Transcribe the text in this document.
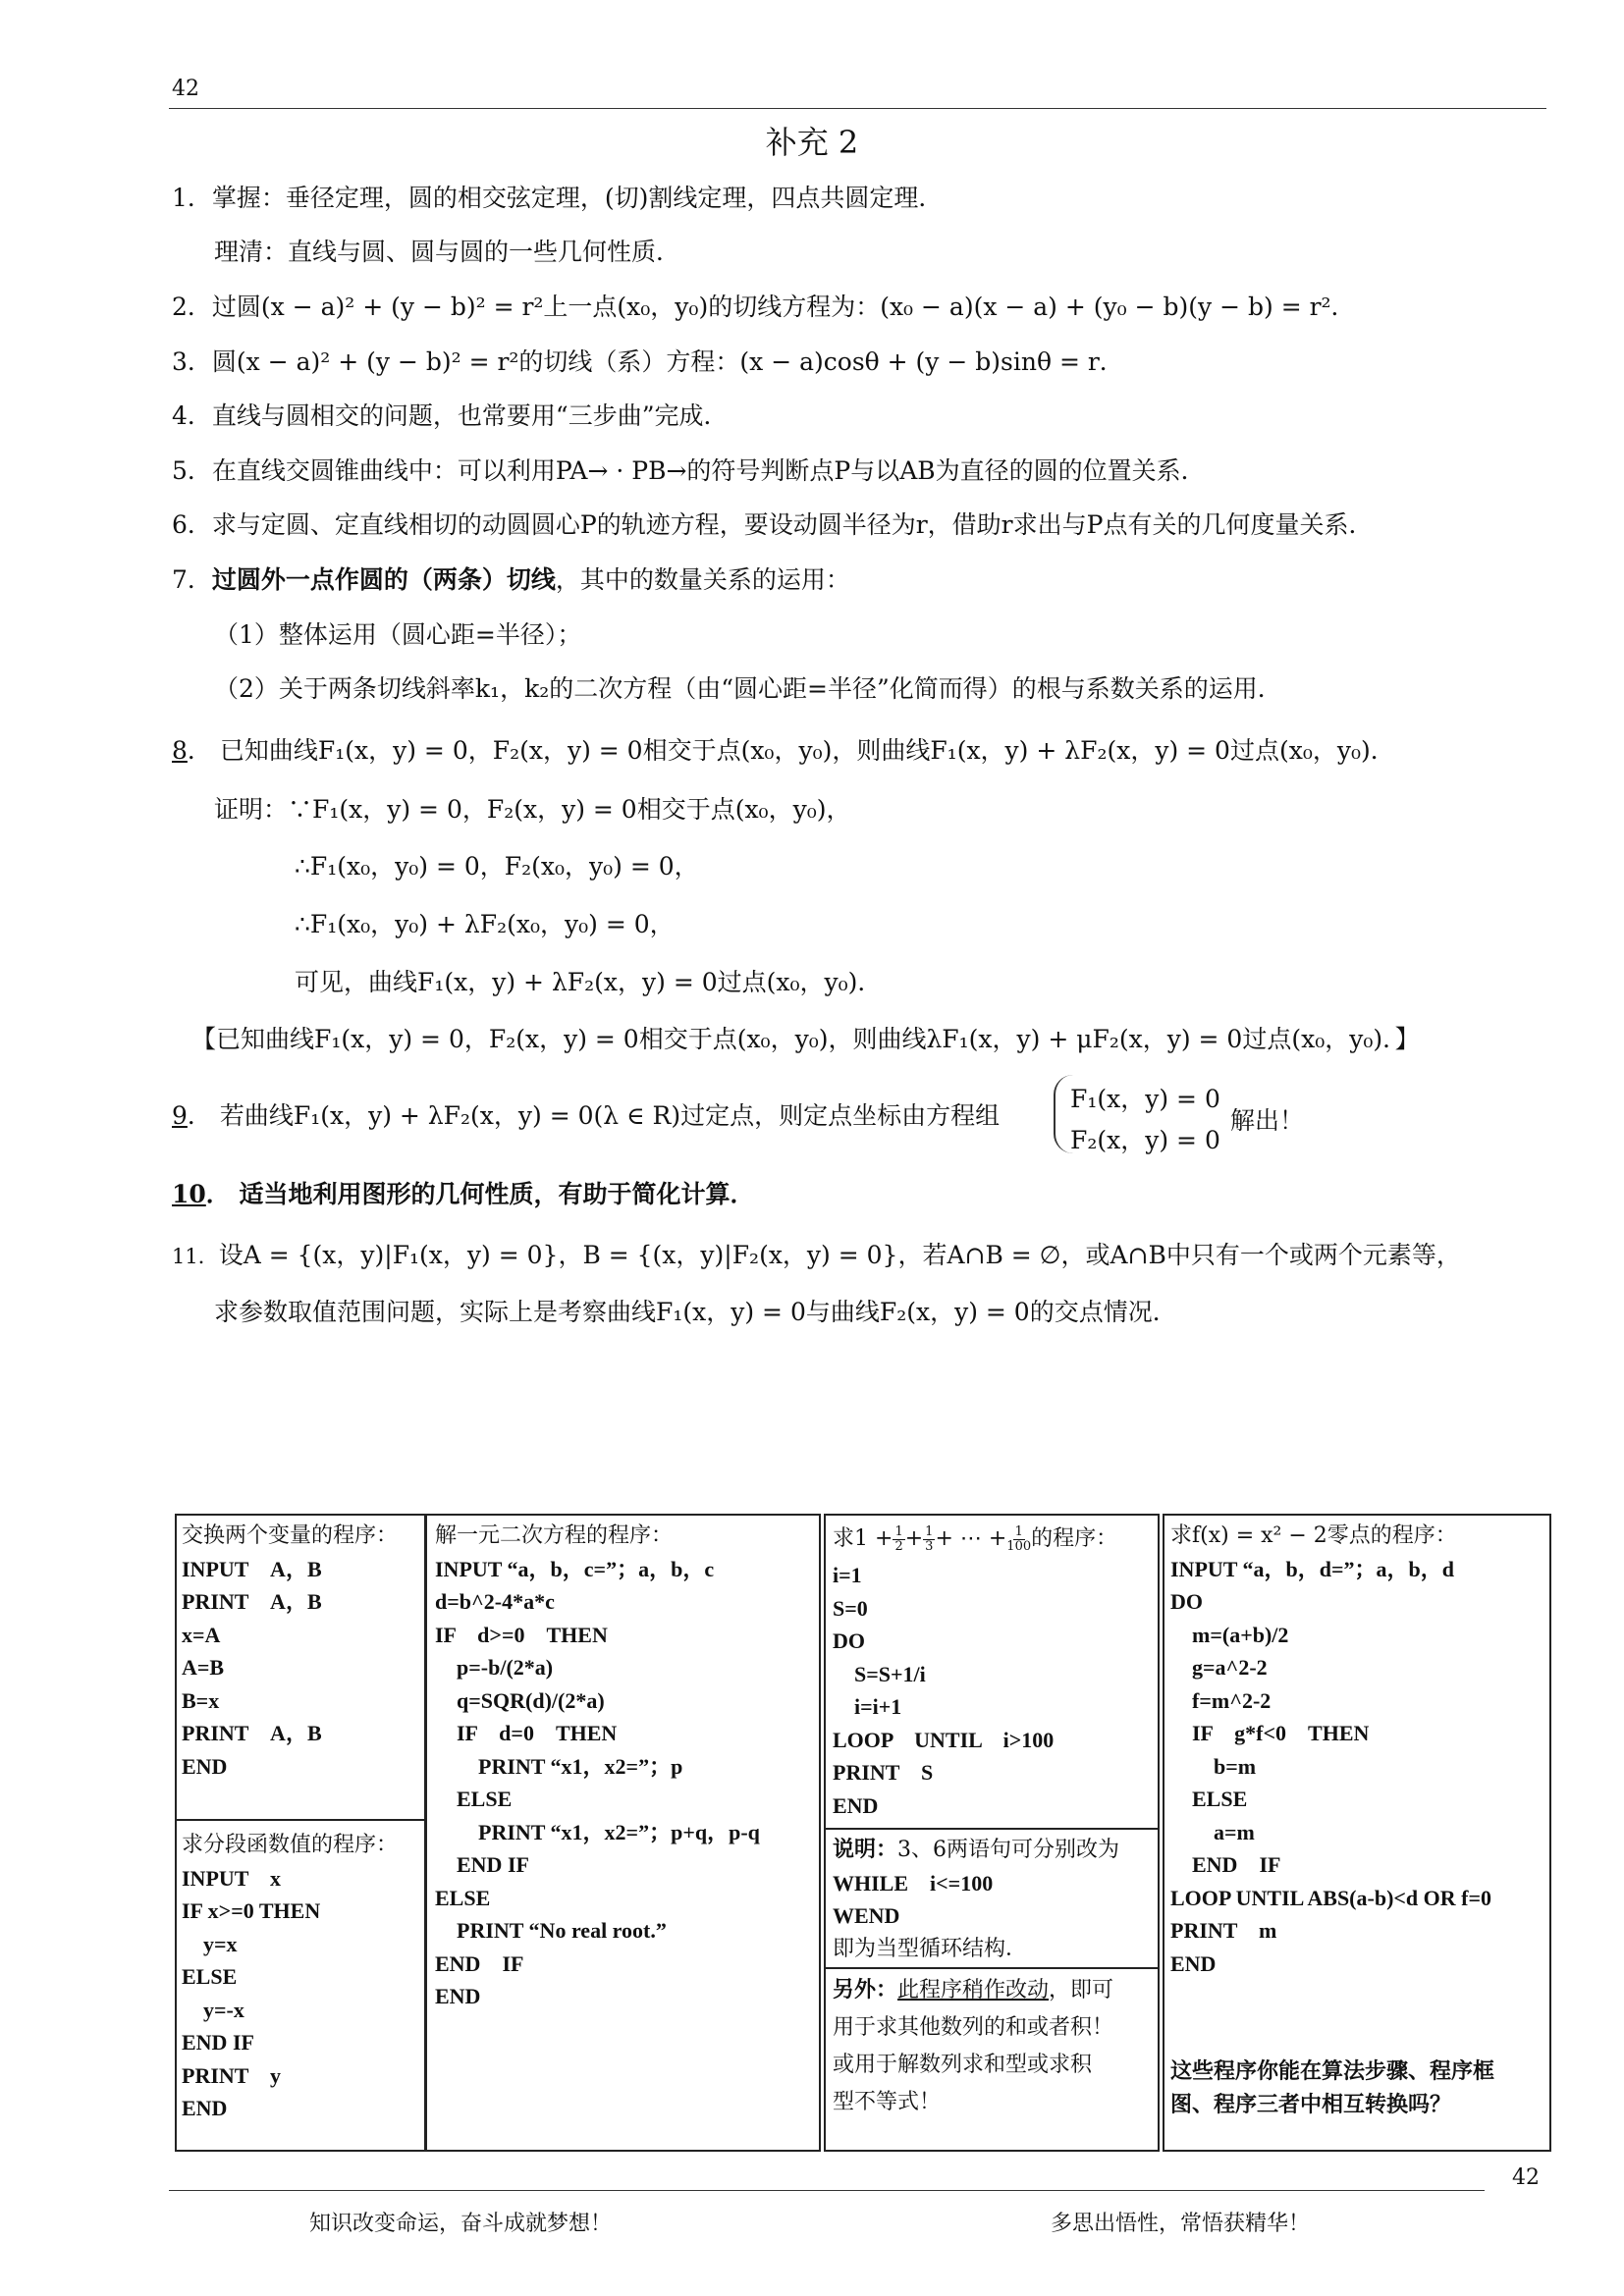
42
补充 2
1．掌握：垂径定理，圆的相交弦定理，(切)割线定理，四点共圆定理．
理清：直线与圆、圆与圆的一些几何性质．
2．过圆(x − a)² + (y − b)² = r²上一点(x₀，y₀)的切线方程为：(x₀ − a)(x − a) + (y₀ − b)(y − b) = r²．
3．圆(x − a)² + (y − b)² = r²的切线（系）方程：(x − a)cosθ + (y − b)sinθ = r．
4．直线与圆相交的问题，也常要用“三步曲”完成．
5．在直线交圆锥曲线中：可以利用PA→ · PB→的符号判断点P与以AB为直径的圆的位置关系．
6．求与定圆、定直线相切的动圆圆心P的轨迹方程，要设动圆半径为r，借助r求出与P点有关的几何度量关系．
7．过圆外一点作圆的（两条）切线，其中的数量关系的运用：
（1）整体运用（圆心距=半径）；
（2）关于两条切线斜率k₁，k₂的二次方程（由“圆心距=半径”化简而得）的根与系数关系的运用．
8． 已知曲线F₁(x，y) = 0，F₂(x，y) = 0相交于点(x₀，y₀)，则曲线F₁(x，y) + λF₂(x，y) = 0过点(x₀，y₀)．
证明：∵F₁(x，y) = 0，F₂(x，y) = 0相交于点(x₀，y₀)，
∴F₁(x₀，y₀) = 0，F₂(x₀，y₀) = 0，
∴F₁(x₀，y₀) + λF₂(x₀，y₀) = 0，
可见，曲线F₁(x，y) + λF₂(x，y) = 0过点(x₀，y₀)．
【已知曲线F₁(x，y) = 0，F₂(x，y) = 0相交于点(x₀，y₀)，则曲线λF₁(x，y) + μF₂(x，y) = 0过点(x₀，y₀)．】
9． 若曲线F₁(x，y) + λF₂(x，y) = 0(λ ∈ R)过定点，则定点坐标由方程组
F₁(x，y) = 0
F₂(x，y) = 0
解出！
10． 适当地利用图形的几何性质，有助于简化计算．
11．设A = {(x，y)|F₁(x，y) = 0}，B = {(x，y)|F₂(x，y) = 0}，若A∩B = ∅，或A∩B中只有一个或两个元素等，
求参数取值范围问题，实际上是考察曲线F₁(x，y) = 0与曲线F₂(x，y) = 0的交点情况．
交换两个变量的程序：
INPUT　A，B
PRINT　A，B
x=A
A=B
B=x
PRINT　A，B
END
求分段函数值的程序：
INPUT　x
IF x>=0 THEN
　y=x
ELSE
　y=-x
END IF
PRINT　y
END
解一元二次方程的程序：
INPUT “a，b，c=”；a，b，c
d=b^2-4*a*c
IF　d>=0　THEN
　p=-b/(2*a)
　q=SQR(d)/(2*a)
　IF　d=0　THEN
　　PRINT “x1，x2=”；p
　ELSE
　　PRINT “x1，x2=”；p+q，p-q
　END IF
ELSE
　PRINT “No real root.”
END　IF
END
求$1 + \frac{1}{2} + \frac{1}{3}$ + ⋯ + $\frac{1}{100}$ 的程序：
i=1
S=0
DO
　S=S+1/i
　i=i+1
LOOP　UNTIL　i>100
PRINT　S
END
说明：3、6两语句可分别改为
WHILE　i<=100
WEND
即为当型循环结构．
另外：此程序稍作改动，即可
用于求其他数列的和或者积！
或用于解数列求和型或求积
型不等式！
求f(x) = x² − 2零点的程序：
INPUT “a，b，d=”；a，b，d
DO
　m=(a+b)/2
　g=a^2-2
　f=m^2-2
　IF　g*f<0　THEN
　　b=m
　ELSE
　　a=m
　END　IF
LOOP UNTIL ABS(a-b)<d OR f=0
PRINT　m
END
这些程序你能在算法步骤、程序框
图、程序三者中相互转换吗？
42
知识改变命运，奋斗成就梦想！	多思出悟性，常悟获精华！
